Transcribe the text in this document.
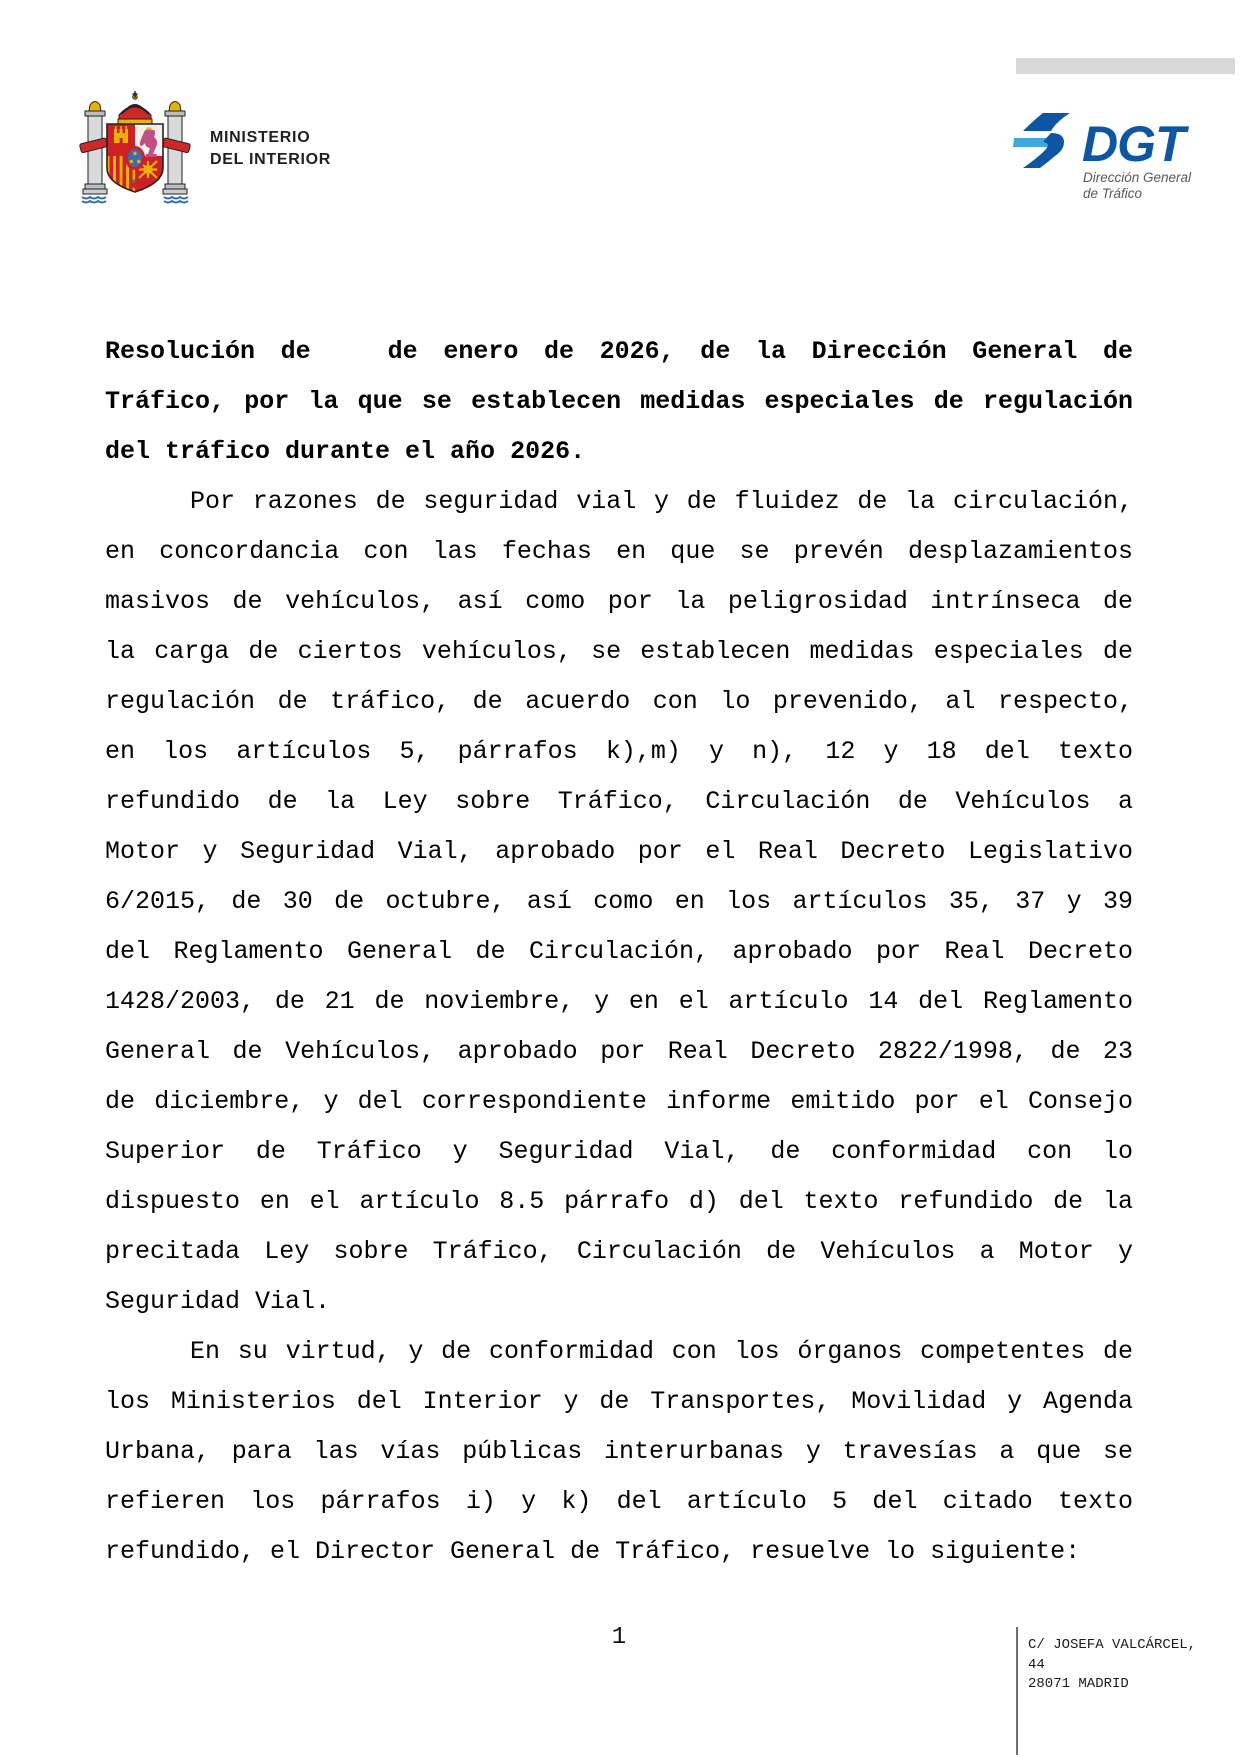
MINISTERIO
DEL INTERIOR	DGT
Dirección General
de Tráfico
Resolución de   de enero de 2026, de la Dirección General de
Tráfico, por la que se establecen medidas especiales de regulación
del tráfico durante el año 2026.
Por razones de seguridad vial y de fluidez de la circulación,
en concordancia con las fechas en que se prevén desplazamientos
masivos de vehículos, así como por la peligrosidad intrínseca de
la carga de ciertos vehículos, se establecen medidas especiales de
regulación de tráfico, de acuerdo con lo prevenido, al respecto,
en los artículos 5, párrafos k),m) y n), 12 y 18 del texto
refundido de la Ley sobre Tráfico, Circulación de Vehículos a
Motor y Seguridad Vial, aprobado por el Real Decreto Legislativo
6/2015, de 30 de octubre, así como en los artículos 35, 37 y 39
del Reglamento General de Circulación, aprobado por Real Decreto
1428/2003, de 21 de noviembre, y en el artículo 14 del Reglamento
General de Vehículos, aprobado por Real Decreto 2822/1998, de 23
de diciembre, y del correspondiente informe emitido por el Consejo
Superior de Tráfico y Seguridad Vial, de conformidad con lo
dispuesto en el artículo 8.5 párrafo d) del texto refundido de la
precitada Ley sobre Tráfico, Circulación de Vehículos a Motor y
Seguridad Vial.
En su virtud, y de conformidad con los órganos competentes de
los Ministerios del Interior y de Transportes, Movilidad y Agenda
Urbana, para las vías públicas interurbanas y travesías a que se
refieren los párrafos i) y k) del artículo 5 del citado texto
refundido, el Director General de Tráfico, resuelve lo siguiente:
1	C/ JOSEFA VALCÁRCEL,
44
28071 MADRID
